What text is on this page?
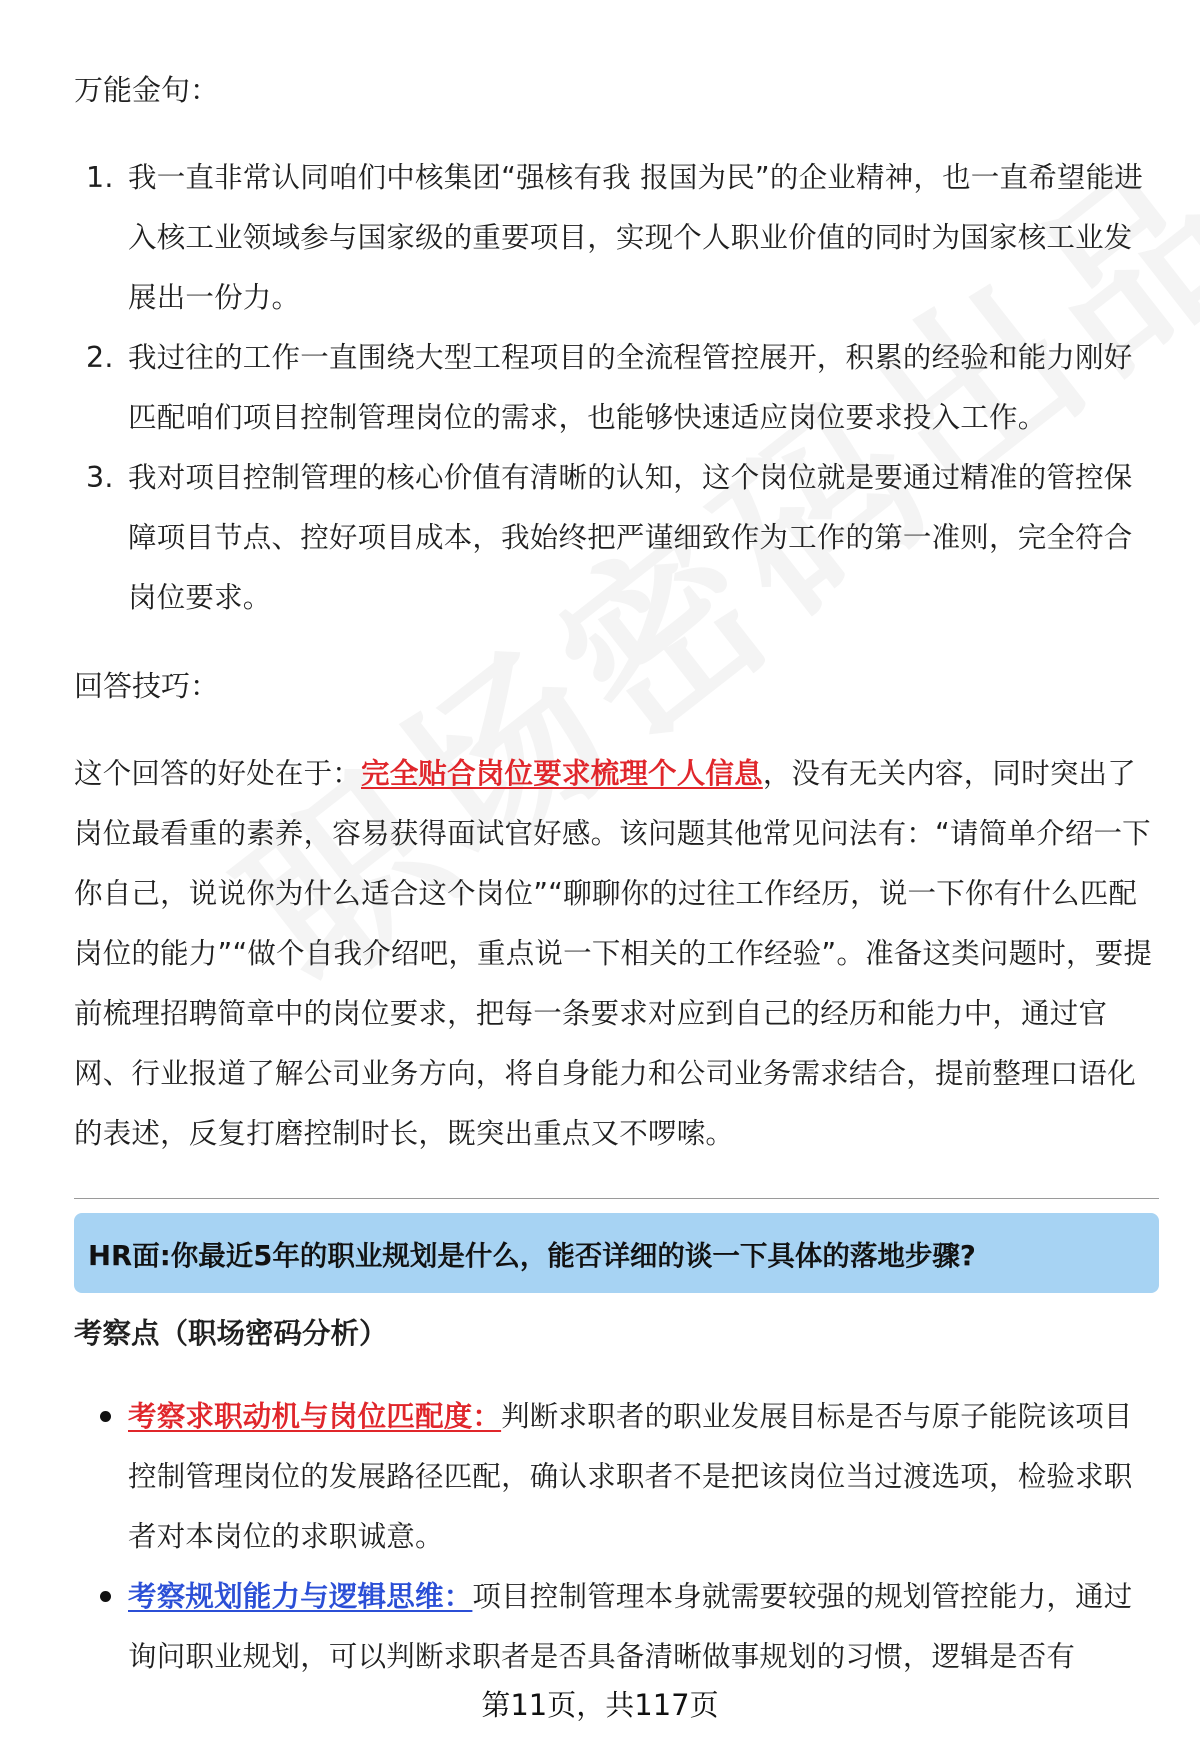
万能金句：

1. 我一直非常认同咱们中核集团“强核有我 报国为民”的企业精神，也一直希望能进入核工业领域参与国家级的重要项目，实现个人职业价值的同时为国家核工业发展出一份力。
2. 我过往的工作一直围绕大型工程项目的全流程管控展开，积累的经验和能力刚好匹配咱们项目控制管理岗位的需求，也能够快速适应岗位要求投入工作。
3. 我对项目控制管理的核心价值有清晰的认知，这个岗位就是要通过精准的管控保障项目节点、控好项目成本，我始终把严谨细致作为工作的第一准则，完全符合岗位要求。

回答技巧：

这个回答的好处在于：完全贴合岗位要求梳理个人信息，没有无关内容，同时突出了岗位最看重的素养，容易获得面试官好感。该问题其他常见问法有：“请简单介绍一下你自己，说说你为什么适合这个岗位”“聊聊你的过往工作经历，说一下你有什么匹配岗位的能力”“做个自我介绍吧，重点说一下相关的工作经验”。准备这类问题时，要提前梳理招聘简章中的岗位要求，把每一条要求对应到自己的经历和能力中，通过官网、行业报道了解公司业务方向，将自身能力和公司业务需求结合，提前整理口语化的表述，反复打磨控制时长，既突出重点又不啰嗦。

HR面:你最近5年的职业规划是什么，能否详细的谈一下具体的落地步骤?

考察点（职场密码分析）

考察求职动机与岗位匹配度：判断求职者的职业发展目标是否与原子能院该项目控制管理岗位的发展路径匹配，确认求职者不是把该岗位当过渡选项，检验求职者对本岗位的求职诚意。
考察规划能力与逻辑思维：项目控制管理本身就需要较强的规划管控能力，通过询问职业规划，可以判断求职者是否具备清晰做事规划的习惯，逻辑是否有
第11页，共117页
